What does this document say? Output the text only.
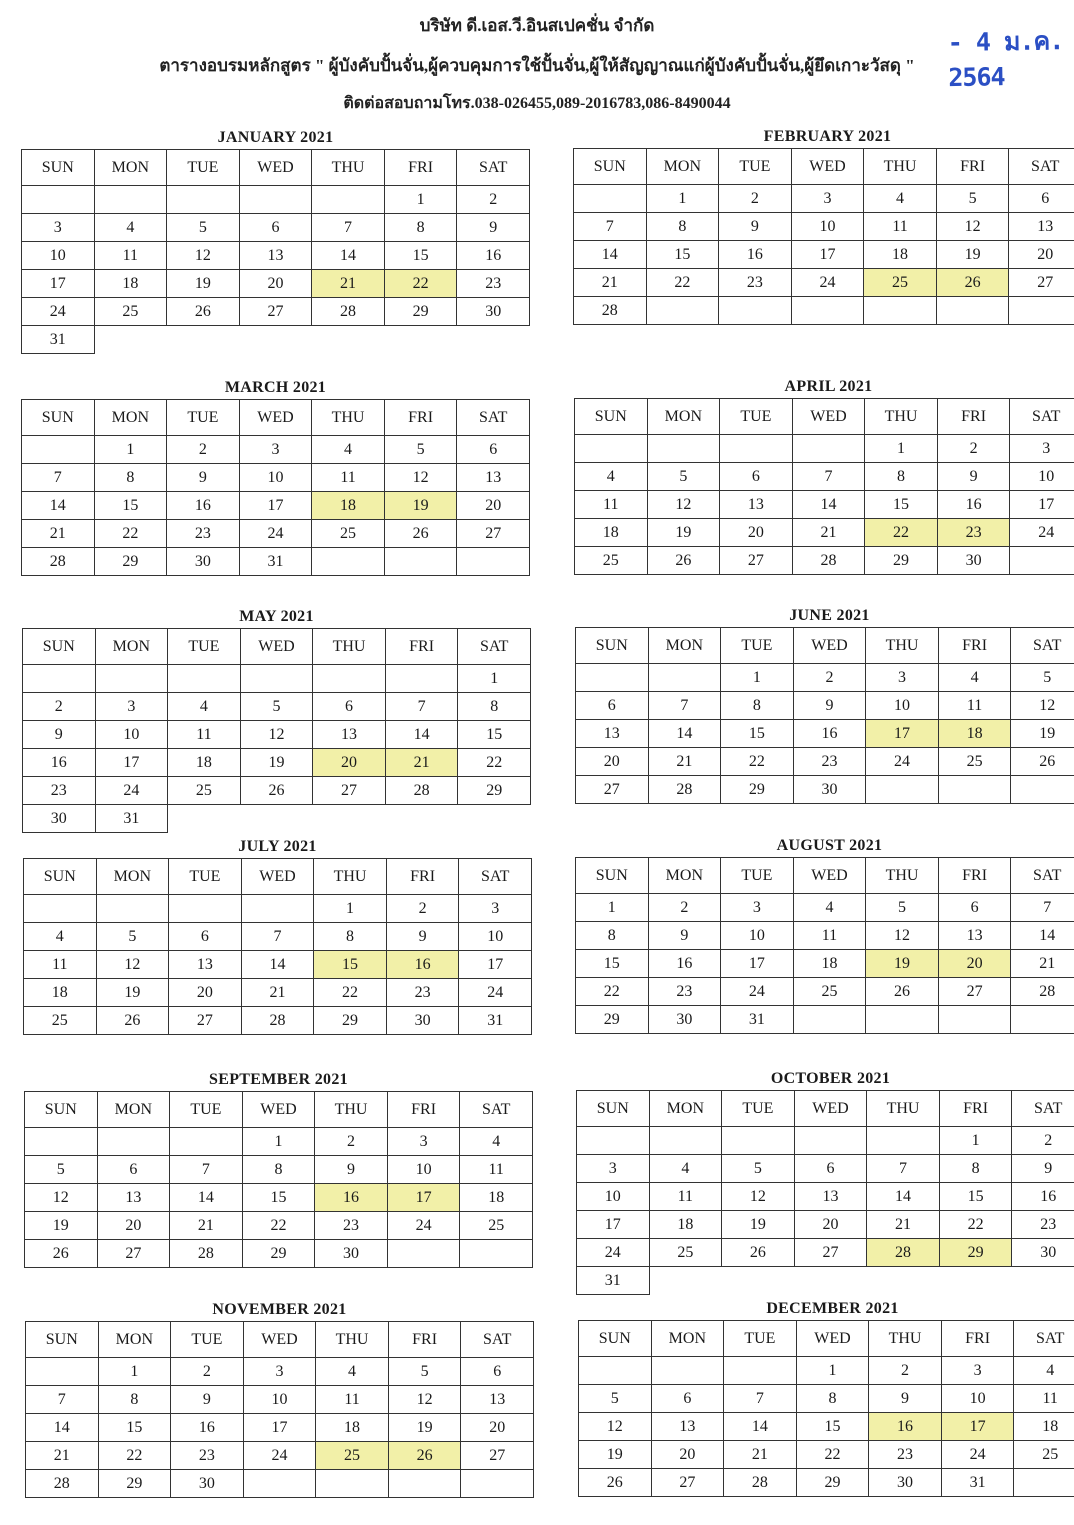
บริษัท ดี.เอส.วี.อินสเปคชั่น จำกัด
ตารางอบรมหลักสูตร " ผู้บังคับปั้นจั่น,ผู้ควบคุมการใช้ปั้นจั่น,ผู้ให้สัญญาณแก่ผู้บังคับปั้นจั่น,ผู้ยึดเกาะวัสดุ "
ติดต่อสอบถามโทร.038-026455,089-2016783,086-8490044
- 4 ม.ค. 2564
JANUARY 2021
SUN	MON	TUE	WED	THU	FRI	SAT
					1	2
3	4	5	6	7	8	9
10	11	12	13	14	15	16
17	18	19	20	21	22	23
24	25	26	27	28	29	30
31						
FEBRUARY 2021
SUN	MON	TUE	WED	THU	FRI	SAT
	1	2	3	4	5	6
7	8	9	10	11	12	13
14	15	16	17	18	19	20
21	22	23	24	25	26	27
28						
MARCH 2021
SUN	MON	TUE	WED	THU	FRI	SAT
	1	2	3	4	5	6
7	8	9	10	11	12	13
14	15	16	17	18	19	20
21	22	23	24	25	26	27
28	29	30	31			
APRIL 2021
SUN	MON	TUE	WED	THU	FRI	SAT
				1	2	3
4	5	6	7	8	9	10
11	12	13	14	15	16	17
18	19	20	21	22	23	24
25	26	27	28	29	30	
MAY 2021
SUN	MON	TUE	WED	THU	FRI	SAT
						1
2	3	4	5	6	7	8
9	10	11	12	13	14	15
16	17	18	19	20	21	22
23	24	25	26	27	28	29
30	31					
JUNE 2021
SUN	MON	TUE	WED	THU	FRI	SAT
		1	2	3	4	5
6	7	8	9	10	11	12
13	14	15	16	17	18	19
20	21	22	23	24	25	26
27	28	29	30			
JULY 2021
SUN	MON	TUE	WED	THU	FRI	SAT
				1	2	3
4	5	6	7	8	9	10
11	12	13	14	15	16	17
18	19	20	21	22	23	24
25	26	27	28	29	30	31
AUGUST 2021
SUN	MON	TUE	WED	THU	FRI	SAT
1	2	3	4	5	6	7
8	9	10	11	12	13	14
15	16	17	18	19	20	21
22	23	24	25	26	27	28
29	30	31				
SEPTEMBER 2021
SUN	MON	TUE	WED	THU	FRI	SAT
			1	2	3	4
5	6	7	8	9	10	11
12	13	14	15	16	17	18
19	20	21	22	23	24	25
26	27	28	29	30		
OCTOBER 2021
SUN	MON	TUE	WED	THU	FRI	SAT
					1	2
3	4	5	6	7	8	9
10	11	12	13	14	15	16
17	18	19	20	21	22	23
24	25	26	27	28	29	30
31						
NOVEMBER 2021
SUN	MON	TUE	WED	THU	FRI	SAT
	1	2	3	4	5	6
7	8	9	10	11	12	13
14	15	16	17	18	19	20
21	22	23	24	25	26	27
28	29	30				
DECEMBER 2021
SUN	MON	TUE	WED	THU	FRI	SAT
			1	2	3	4
5	6	7	8	9	10	11
12	13	14	15	16	17	18
19	20	21	22	23	24	25
26	27	28	29	30	31	
